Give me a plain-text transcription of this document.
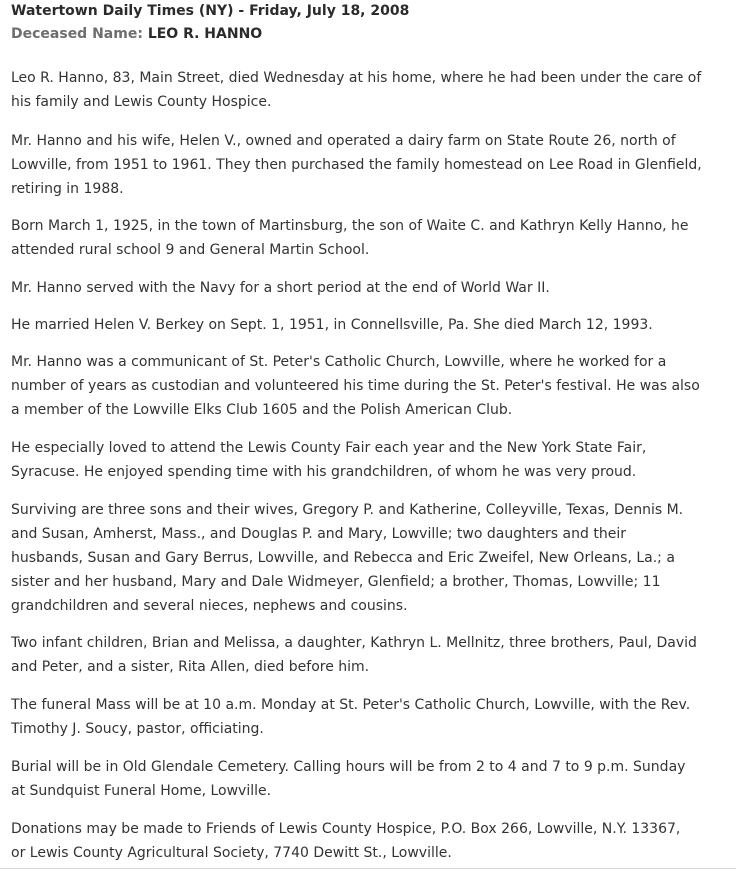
Watertown Daily Times (NY) - Friday, July 18, 2008
Deceased Name: LEO R. HANNO
Leo R. Hanno, 83, Main Street, died Wednesday at his home, where he had been under the care of
his family and Lewis County Hospice.
Mr. Hanno and his wife, Helen V., owned and operated a dairy farm on State Route 26, north of
Lowville, from 1951 to 1961. They then purchased the family homestead on Lee Road in Glenfield,
retiring in 1988.
Born March 1, 1925, in the town of Martinsburg, the son of Waite C. and Kathryn Kelly Hanno, he
attended rural school 9 and General Martin School.
Mr. Hanno served with the Navy for a short period at the end of World War II.
He married Helen V. Berkey on Sept. 1, 1951, in Connellsville, Pa. She died March 12, 1993.
Mr. Hanno was a communicant of St. Peter's Catholic Church, Lowville, where he worked for a
number of years as custodian and volunteered his time during the St. Peter's festival. He was also
a member of the Lowville Elks Club 1605 and the Polish American Club.
He especially loved to attend the Lewis County Fair each year and the New York State Fair,
Syracuse. He enjoyed spending time with his grandchildren, of whom he was very proud.
Surviving are three sons and their wives, Gregory P. and Katherine, Colleyville, Texas, Dennis M.
and Susan, Amherst, Mass., and Douglas P. and Mary, Lowville; two daughters and their
husbands, Susan and Gary Berrus, Lowville, and Rebecca and Eric Zweifel, New Orleans, La.; a
sister and her husband, Mary and Dale Widmeyer, Glenfield; a brother, Thomas, Lowville; 11
grandchildren and several nieces, nephews and cousins.
Two infant children, Brian and Melissa, a daughter, Kathryn L. Mellnitz, three brothers, Paul, David
and Peter, and a sister, Rita Allen, died before him.
The funeral Mass will be at 10 a.m. Monday at St. Peter's Catholic Church, Lowville, with the Rev.
Timothy J. Soucy, pastor, officiating.
Burial will be in Old Glendale Cemetery. Calling hours will be from 2 to 4 and 7 to 9 p.m. Sunday
at Sundquist Funeral Home, Lowville.
Donations may be made to Friends of Lewis County Hospice, P.O. Box 266, Lowville, N.Y. 13367,
or Lewis County Agricultural Society, 7740 Dewitt St., Lowville.
